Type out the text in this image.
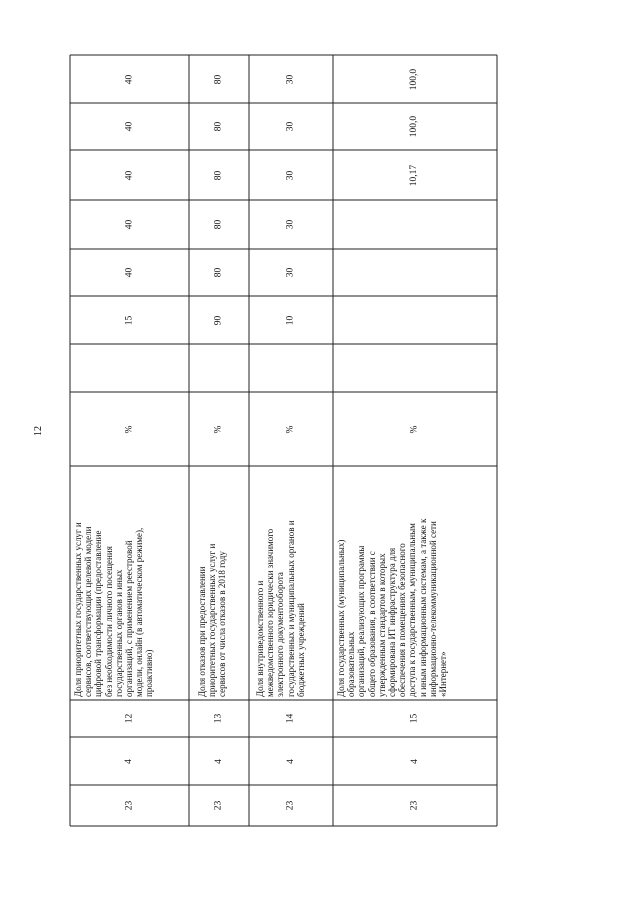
12
23
4
12
Доля приоритетных государственных услуг и сервисов, соответствующих целевой модели цифровой трансформации (предоставление без необходимости личного посещения государственных органов и иных организаций, с применением реестровой модели, онлайн (в автоматическом режиме), проактивно)
%
15
40
40
40
40
40
23
4
13
Доля отказов при предоставлении приоритетных государственных услуг и сервисов от числа отказов в 2018 году
%
90
80
80
80
80
80
23
4
14
Доля внутриведомственного и межведомственного юридически значимого электронного документооборота государственных и муниципальных органов и бюджетных учреждений
%
10
30
30
30
30
30
23
4
15
Доля государственных (муниципальных) образовательных организаций, реализующих программы общего образования, в соответствии с утвержденным стандартом в которых сформирована ИТ инфраструктура для обеспечения в помещениях безопасного доступа к государственным, муниципальным и иным информационным системам, а также к информационно-телекоммуникационной сети «Интернет»
%
10,17
100,0
100,0
